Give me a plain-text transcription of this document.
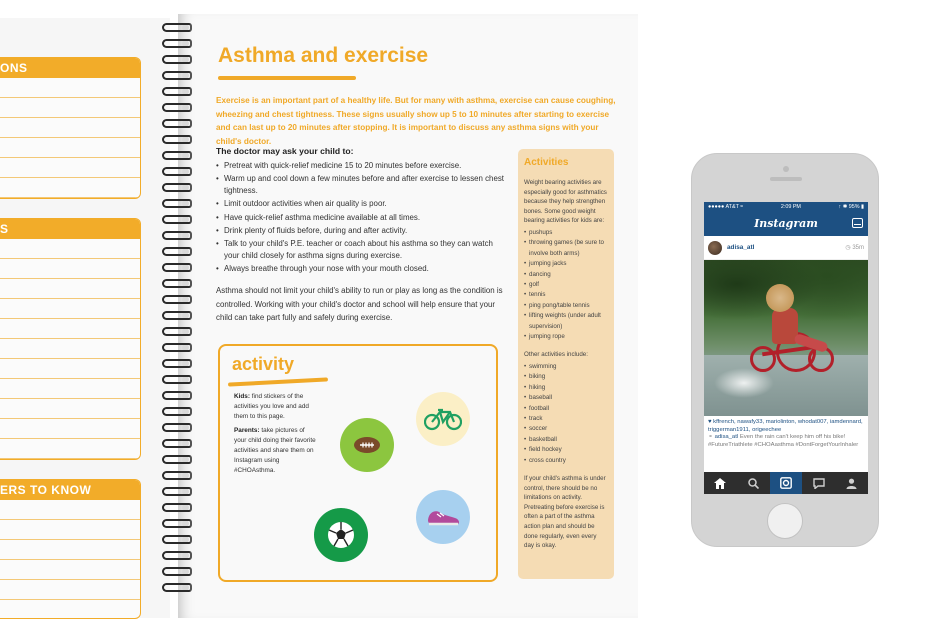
ONS
S
ERS TO KNOW
Asthma and exercise
Exercise is an important part of a healthy life. But for many with asthma, exercise can cause coughing, wheezing and chest tightness. These signs usually show up 5 to 10 minutes after starting to exercise and can last up to 20 minutes after stopping. It is important to discuss any asthma signs with your child's doctor.
The doctor may ask your child to:
• Pretreat with quick-relief medicine 15 to 20 minutes before exercise.
• Warm up and cool down a few minutes before and after exercise to lessen chest tightness.
• Limit outdoor activities when air quality is poor.
• Have quick-relief asthma medicine available at all times.
• Drink plenty of fluids before, during and after activity.
• Talk to your child's P.E. teacher or coach about his asthma so they can watch your child closely for asthma signs during exercise.
• Always breathe through your nose with your mouth closed.
Asthma should not limit your child's ability to run or play as long as the condition is controlled. Working with your child's doctor and school will help ensure that your child can take part fully and safely during exercise.
Activities
Weight bearing activities are especially good for asthmatics because they help strengthen bones. Some good weight bearing activities for kids are:
• pushups
• throwing games (be sure to involve both arms)
• jumping jacks
• dancing
• golf
• tennis
• ping pong/table tennis
• lifting weights (under adult supervision)
• jumping rope
Other activities include:
• swimming
• biking
• hiking
• baseball
• football
• track
• soccer
• basketball
• field hockey
• cross country
If your child's asthma is under control, there should be no limitations on activity. Pretreating before exercise is often a part of the asthma action plan and should be done regularly, even every day is okay.
activity

Kids: find stickers of the activities you love and add them to this page.

Parents: take pictures of your child doing their favorite activities and share them on Instagram using #CHOAsthma.

●●●●● AT&T ≈	2:09 PM	↑ ✱ 95% ▮
Instagram
adisa_atl	◷ 35m
♥ kffrench, nawafy33, mariolinton, whodat007, iamdennard, triggerman1911, origeechee
⚬ adisa_atl Even the rain can't keep him off his bike! #FutureTriathlete #CHOAasthma #DontForgetYourInhaler
